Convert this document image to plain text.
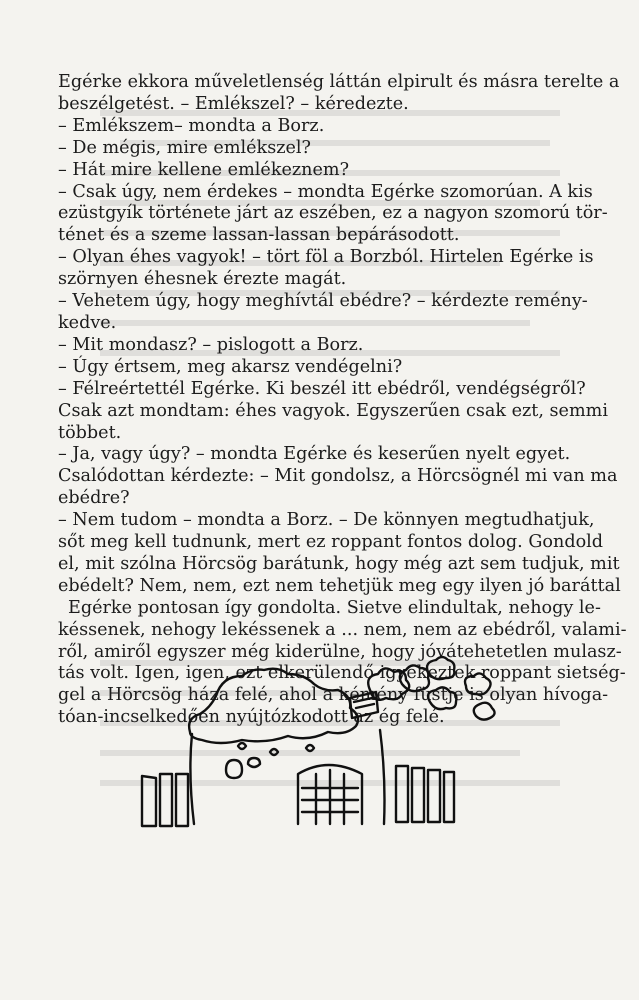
Egérke ekkora műveletlenség láttán elpirult és másra terelte a
beszélgetést. – Emlékszel? – kéredezte.
– Emlékszem– mondta a Borz.
– De mégis, mire emlékszel?
– Hát mire kellene emlékeznem?
– Csak úgy, nem érdekes – mondta Egérke szomorúan. A kis
ezüstgyík története járt az eszében, ez a nagyon szomorú tör-
ténet és a szeme lassan-lassan bepárásodott.
– Olyan éhes vagyok! – tört föl a Borzból. Hirtelen Egérke is
szörnyen éhesnek érezte magát.
– Vehetem úgy, hogy meghívtál ebédre? – kérdezte remény-
kedve.
– Mit mondasz? – pislogott a Borz.
– Úgy értsem, meg akarsz vendégelni?
– Félreértettél Egérke. Ki beszél itt ebédről, vendégségről?
Csak azt mondtam: éhes vagyok. Egyszerűen csak ezt, semmi
többet.
– Ja, vagy úgy? – mondta Egérke és keserűen nyelt egyet.
Csalódottan kérdezte: – Mit gondolsz, a Hörcsögnél mi van ma
ebédre?
– Nem tudom – mondta a Borz. – De könnyen megtudhatjuk,
sőt meg kell tudnunk, mert ez roppant fontos dolog. Gondold
el, mit szólna Hörcsög barátunk, hogy még azt sem tudjuk, mit
ebédelt? Nem, nem, ezt nem tehetjük meg egy ilyen jó baráttal
Egérke pontosan így gondolta. Sietve elindultak, nehogy le-
késsenek, nehogy lekéssenek a ... nem, nem az ebédről, valami-
ről, amiről egyszer még kiderülne, hogy jóvátehetetlen mulasz-
tás volt. Igen, igen, ezt elkerülendő igyekeztek roppant sietség-
gel a Hörcsög háza felé, ahol a kémény füstje is olyan hívoga-
tóan-incselkedően nyújtózkodott az ég felé.
